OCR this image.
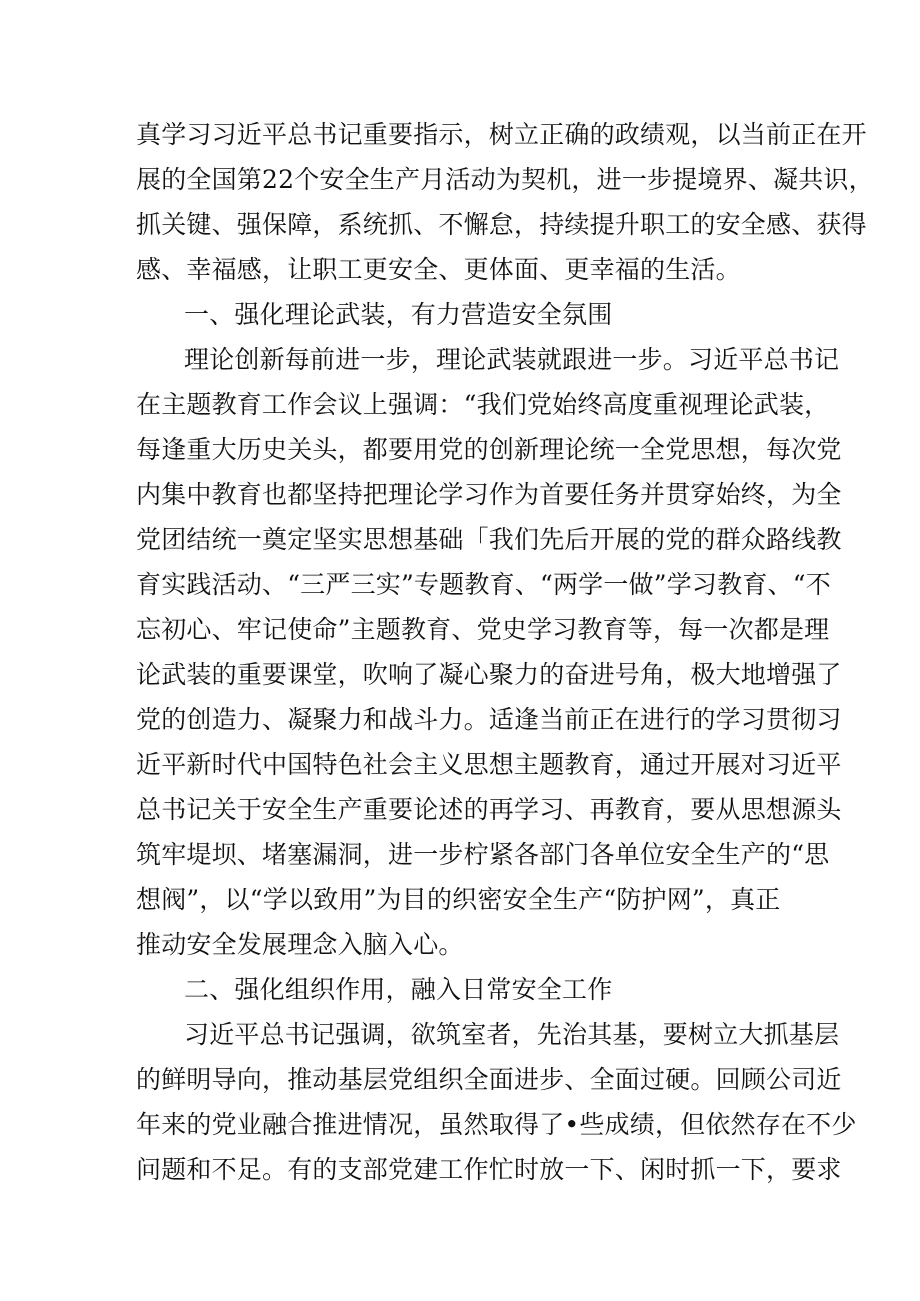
真学习习近平总书记重要指示，树立正确的政绩观，以当前正在开
展的全国第22个安全生产月活动为契机，进一步提境界、凝共识，
抓关键、强保障，系统抓、不懈怠，持续提升职工的安全感、获得
感、幸福感，让职工更安全、更体面、更幸福的生活。
一、强化理论武装，有力营造安全氛围
理论创新每前进一步，理论武装就跟进一步。习近平总书记
在主题教育工作会议上强调：“我们党始终高度重视理论武装，
每逢重大历史关头，都要用党的创新理论统一全党思想，每次党
内集中教育也都坚持把理论学习作为首要任务并贯穿始终，为全
党团结统一奠定坚实思想基础「我们先后开展的党的群众路线教
育实践活动、“三严三实”专题教育、“两学一做”学习教育、“不
忘初心、牢记使命”主题教育、党史学习教育等，每一次都是理
论武装的重要课堂，吹响了凝心聚力的奋进号角，极大地增强了
党的创造力、凝聚力和战斗力。适逢当前正在进行的学习贯彻习
近平新时代中国特色社会主义思想主题教育，通过开展对习近平
总书记关于安全生产重要论述的再学习、再教育，要从思想源头
筑牢堤坝、堵塞漏洞，进一步柠紧各部门各单位安全生产的“思
想阀”，以“学以致用”为目的织密安全生产“防护网”，真正
推动安全发展理念入脑入心。
二、强化组织作用，融入日常安全工作
习近平总书记强调，欲筑室者，先治其基，要树立大抓基层
的鲜明导向，推动基层党组织全面进步、全面过硬。回顾公司近
年来的党业融合推进情况，虽然取得了•些成绩，但依然存在不少
问题和不足。有的支部党建工作忙时放一下、闲时抓一下，要求
